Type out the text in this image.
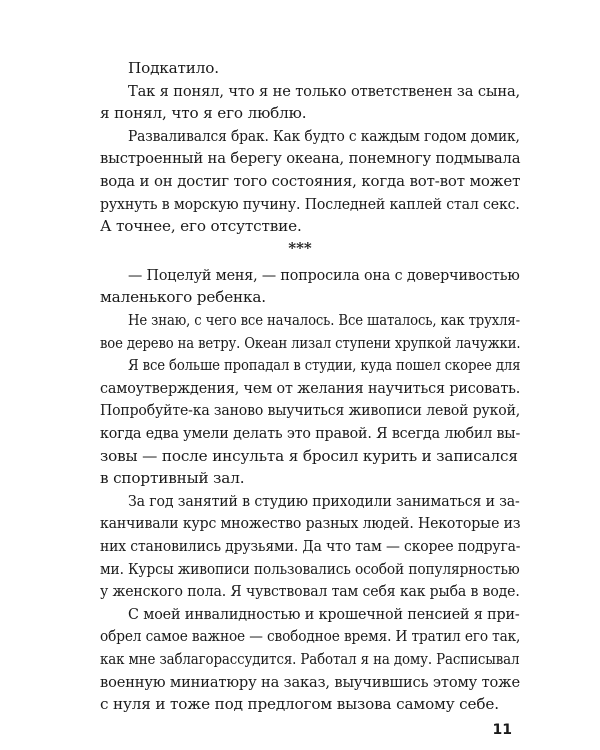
Подкатило.
Так я понял, что я не только ответственен за сына,
я понял, что я его люблю.
Разваливался брак. Как будто с каждым годом домик,
выстроенный на берегу океана, понемногу подмывала
вода и он достиг того состояния, когда вот-вот может
рухнуть в морскую пучину. Последней каплей стал секс.
А точнее, его отсутствие.
***
— Поцелуй меня, — попросила она с доверчивостью
маленького ребенка.
Не знаю, с чего все началось. Все шаталось, как трухля-
вое дерево на ветру. Океан лизал ступени хрупкой лачужки.
Я все больше пропадал в студии, куда пошел скорее для
самоутверждения, чем от желания научиться рисовать.
Попробуйте-ка заново выучиться живописи левой рукой,
когда едва умели делать это правой. Я всегда любил вы-
зовы — после инсульта я бросил курить и записался
в спортивный зал.
За год занятий в студию приходили заниматься и за-
канчивали курс множество разных людей. Некоторые из
них становились друзьями. Да что там — скорее подруга-
ми. Курсы живописи пользовались особой популярностью
у женского пола. Я чувствовал там себя как рыба в воде.
С моей инвалидностью и крошечной пенсией я при-
обрел самое важное — свободное время. И тратил его так,
как мне заблагорассудится. Работал я на дому. Расписывал
военную миниатюру на заказ, выучившись этому тоже
с нуля и тоже под предлогом вызова самому себе.
11
